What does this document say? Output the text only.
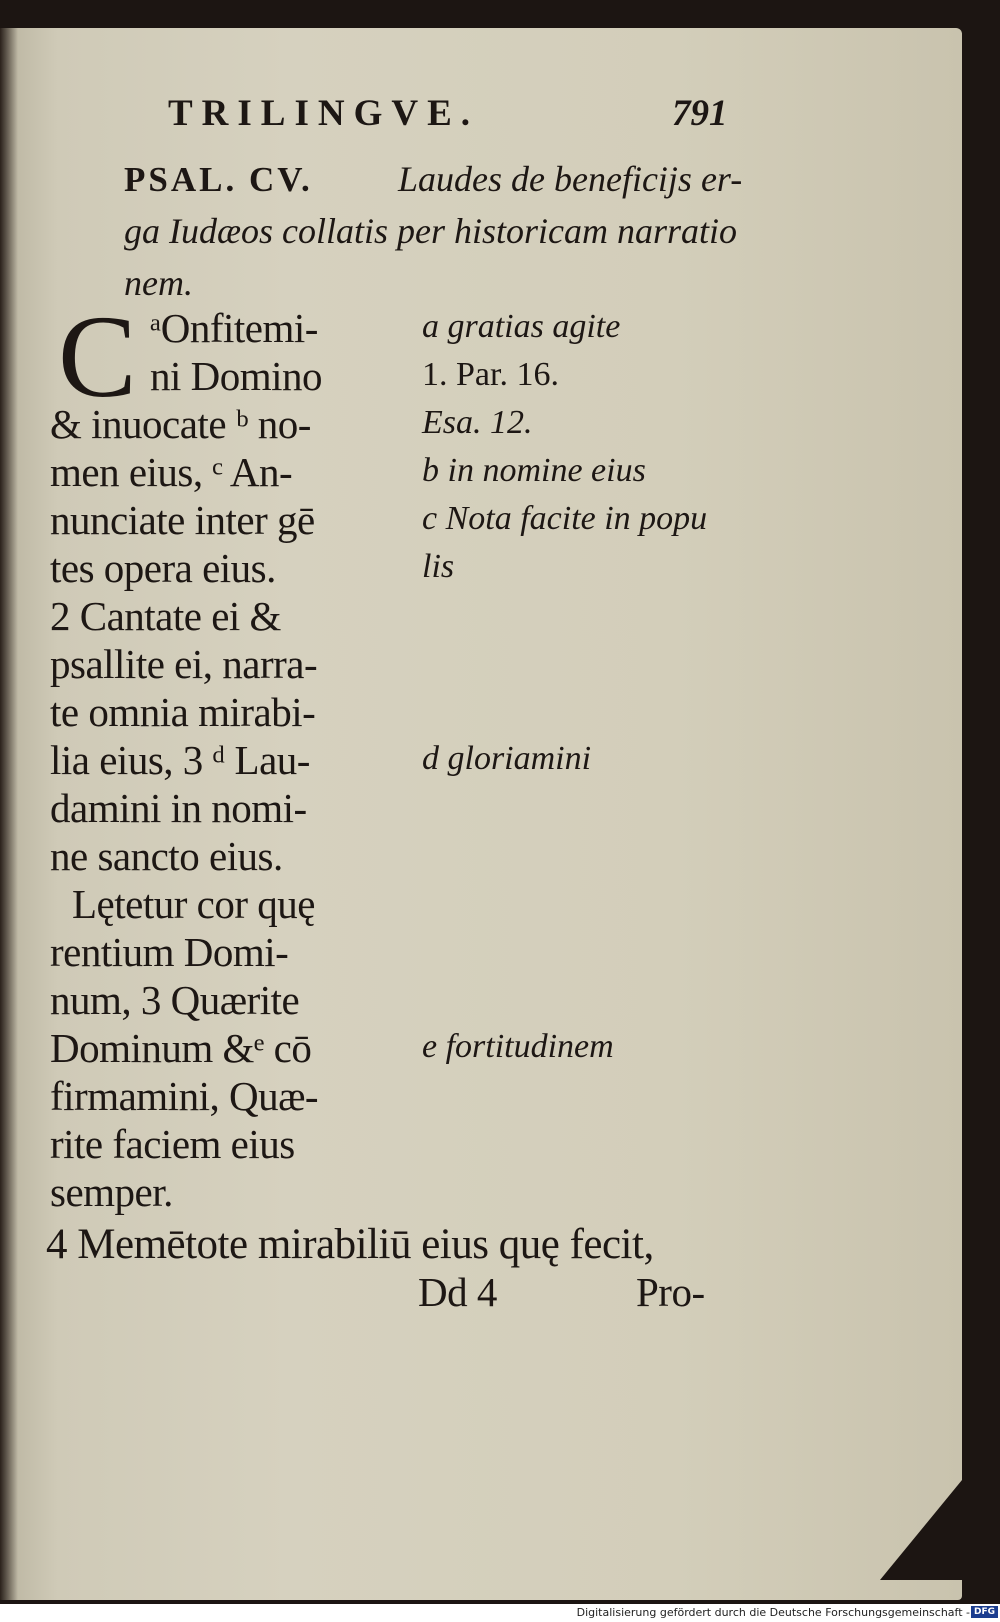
TRILINGVE.	791
PSAL. CV. Laudes de beneficijs er-
ga Iudæos collatis per historicam narratio
nem.
C ᵃOnfitemi-
ni Domino
& inuocate ᵇ no-
men eius, ᶜ An-
nunciate inter gē
tes opera eius.
2 Cantate ei &
psallite ei, narra-
te omnia mirabi-
lia eius, 3 ᵈ Lau-
damini in nomi-
ne sancto eius.
Lętetur cor quę
rentium Domi-
num, 3 Quærite
Dominum &ᵉ cō
firmamini, Quæ-
rite faciem eius
semper.
4 Memētote mirabiliū eius quę fecit,
Dd 4	Pro-
a gratias agite
1. Par. 16.
Esa. 12.
b in nomine eius
c Nota facite in popu
lis
d gloriamini
e fortitudinem
Digitalisierung gefördert durch die Deutsche Forschungsgemeinschaft - DFG
